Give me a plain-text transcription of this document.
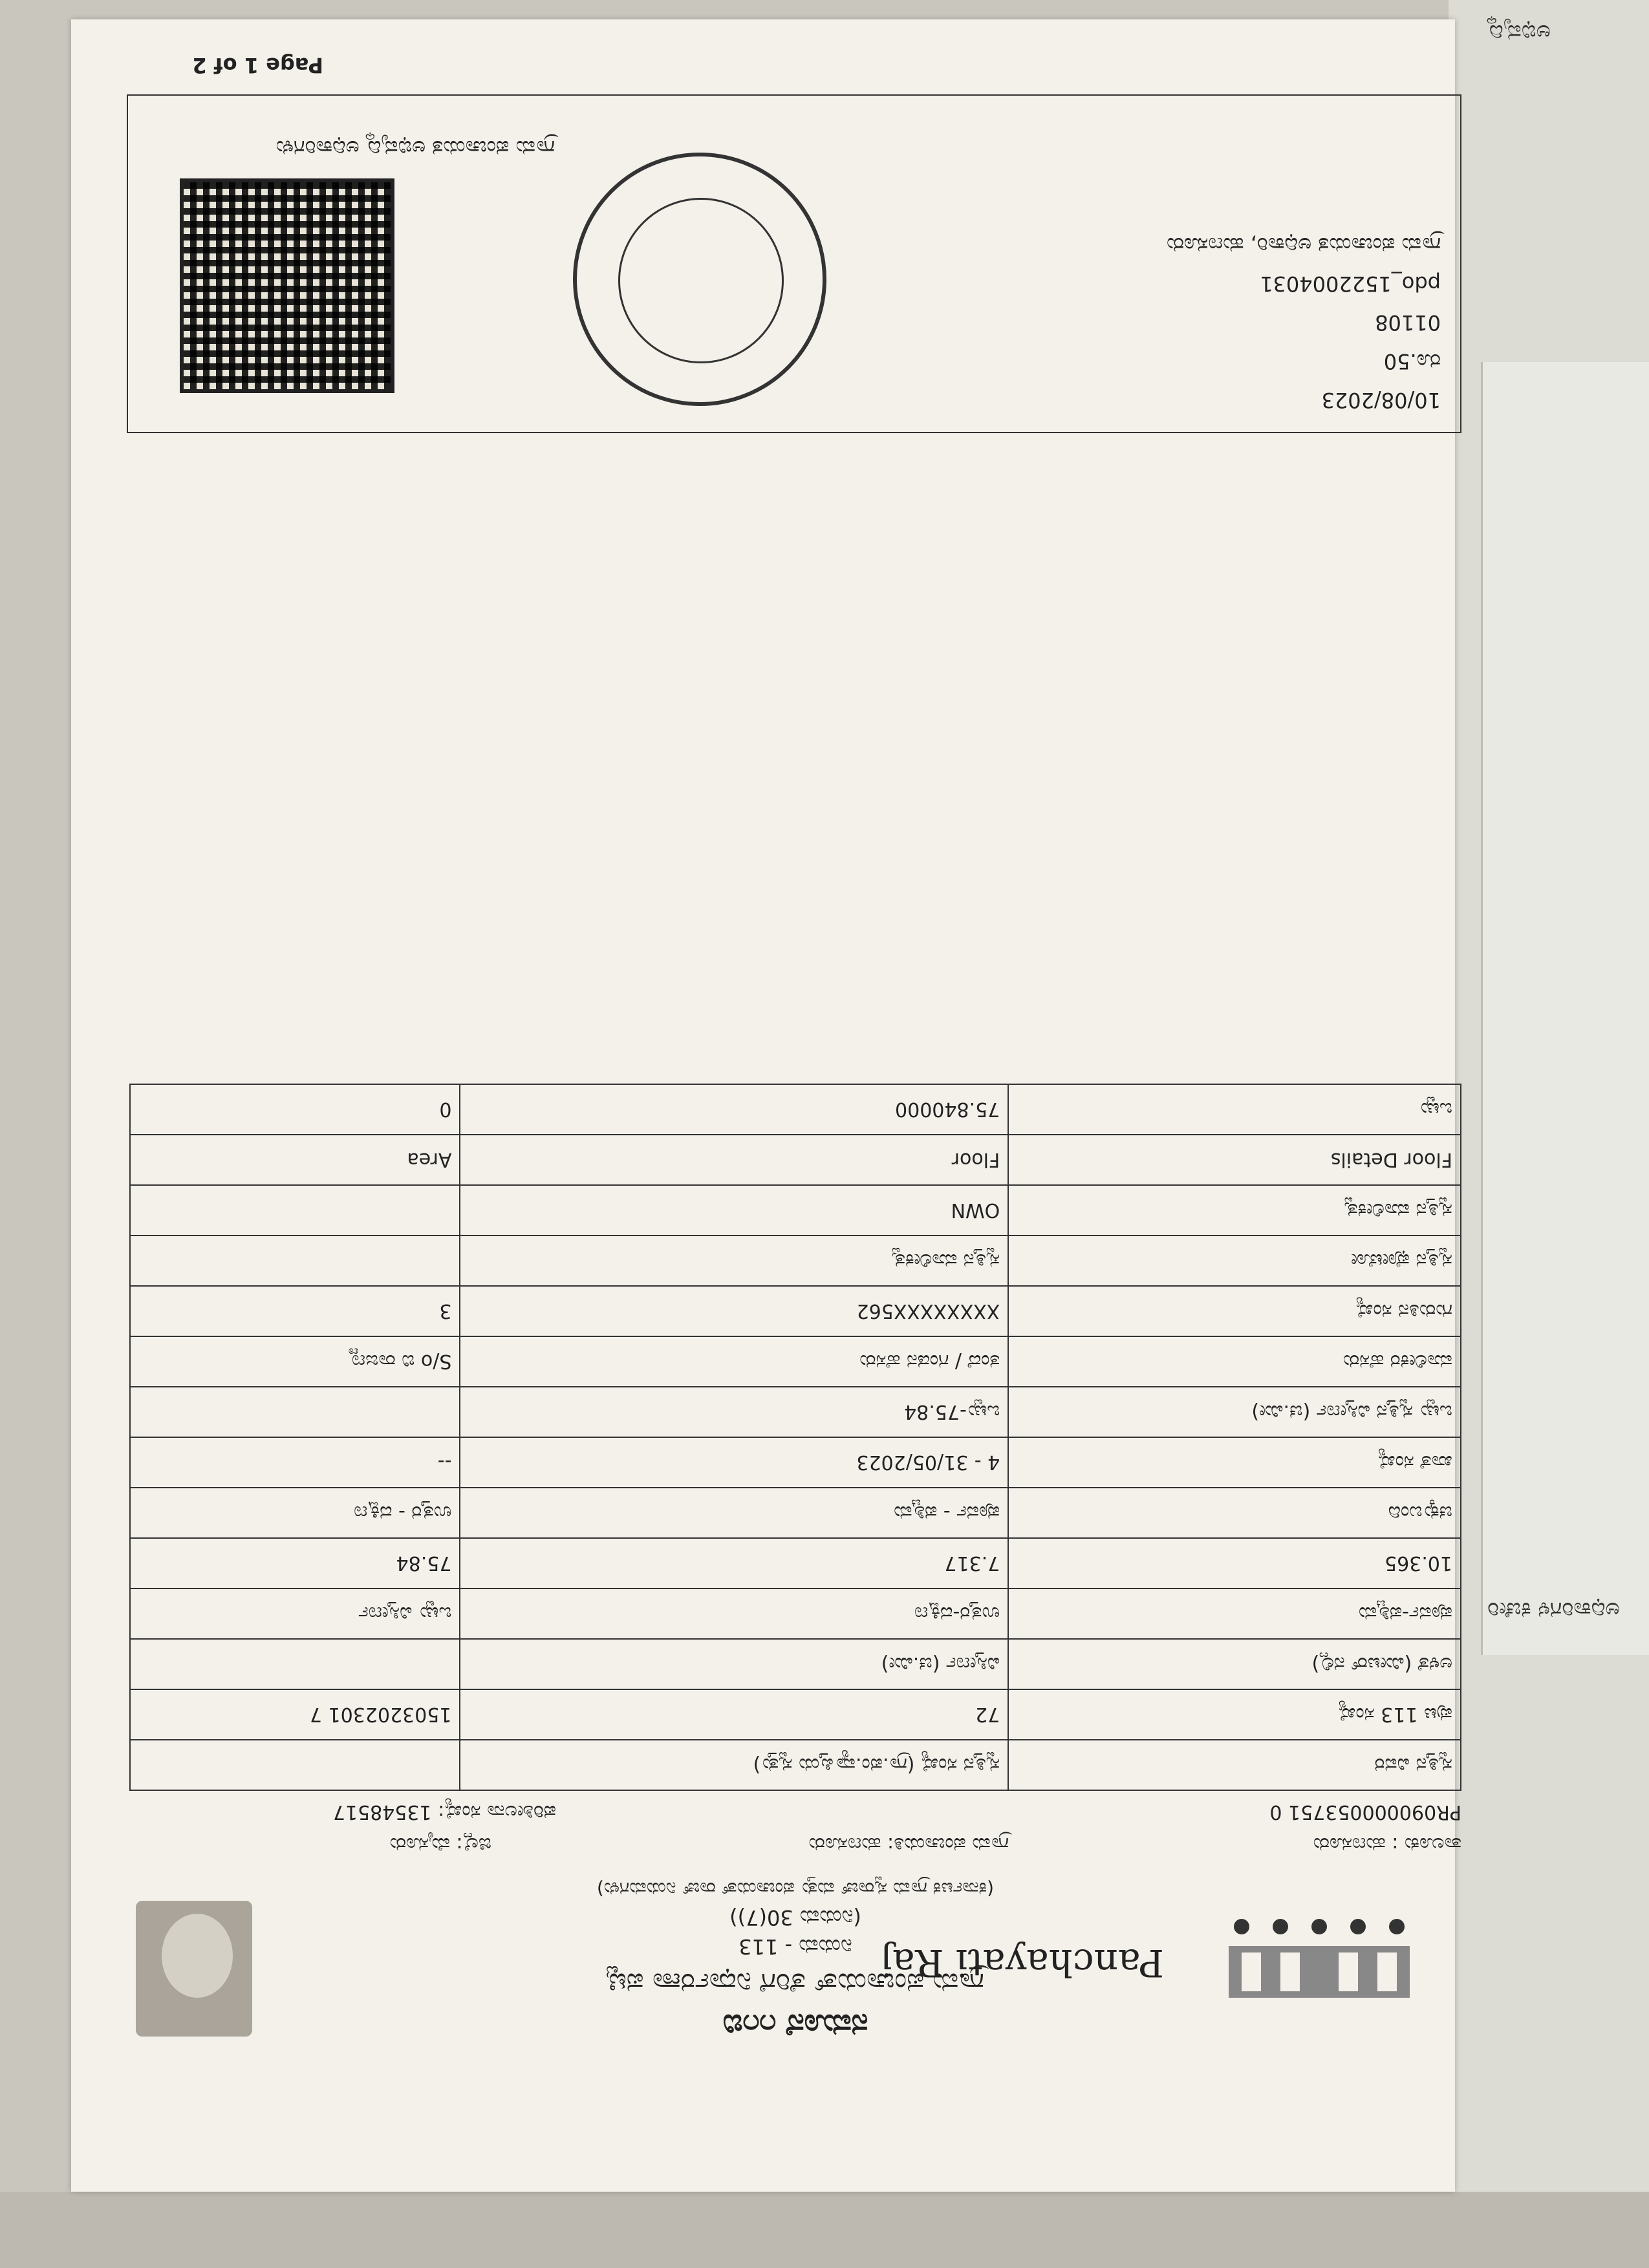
ಅಭಿವೃದ್ಧಿ
ಅಧಿಕಾರಿಗಳ ಕಚೇರಿ
Panchayati Raj
ನಮೂನೆ ೧೧ಬಿ
ಗ್ರಾಮ ಪಂಚಾಯತ್ ತೆರಿಗೆ ನಿರ್ಧಾರಣಾ ಪಟ್ಟಿ
ನಿಯಮ - 113
(ನಿಯಮ 30(7))
(ಕರ್ನಾಟಕ ಗ್ರಾಮ ಸ್ವರಾಜ್ ಮತ್ತು ಪಂಚಾಯತ್ ರಾಜ್ ನಿಯಮಗಳು)
ತಾಲೂಕು : ಹುಣಸೂರು
ಗ್ರಾಮ ಪಂಚಾಯತಿ: ಹುಣಸೂರು
ಜಿಲ್ಲೆ: ಮೈಸೂರು
PR090000053751 0
ಪರಿಶೀಲನಾ ಸಂಖ್ಯೆ: 13548517
ಸ್ವತ್ತಿನ ವಿವರ	ಸ್ವತ್ತಿನ ಸಂಖ್ಯೆ (ಗ್ರಾ.ಪಂ.ವ್ಯಾಪ್ತಿಯ ಸ್ವತ್ತು)	
ಪುಟ 113 ಸಂಖ್ಯೆ	72	1503202301 7
ಅಳತೆ (ಮೀಟರ್ ನಲ್ಲಿ)	ವಿಸ್ತೀರ್ಣ (ಚ.ಮೀ)	
ಪೂರ್ವ-ಪಶ್ಚಿಮ	ಉತ್ತರ-ದಕ್ಷಿಣ	ಒಟ್ಟು ವಿಸ್ತೀರ್ಣ
10.365	7.317	75.84
ಚಕ್ಕುಬಂದಿ	ಪೂರ್ವ - ಪಶ್ಚಿಮ	ಉತ್ತರ - ದಕ್ಷಿಣ
ಖಾತೆ ಸಂಖ್ಯೆ	4 - 31/05/2023	--
ಒಟ್ಟು ಸ್ವತ್ತಿನ ವಿಸ್ತೀರ್ಣ (ಚ.ಮೀ)	ಒಟ್ಟು-75.84	
ಮಾಲೀಕರ ಹೆಸರು	ತಂದೆ / ಗಂಡನ ಹೆಸರು	S/o ಬಿ ರಾಜಣ್ಣ
ಗುರುತಿನ ಸಂಖ್ಯೆ	XXXXXXXX562	3
ಸ್ವತ್ತಿನ ಫೋಟೋ	ಸ್ವತ್ತಿನ ಮಾಲೀಕತ್ವ	
ಸ್ವತ್ತಿನ ಮಾಲೀಕತ್ವ	OWN	
Floor Details	Floor	Area
ಒಟ್ಟು	75.840000	0
10/08/2023
ರೂ.50
01108
pdo_1522004031
ಗ್ರಾಮ ಪಂಚಾಯತ ಅಧಿಕಾರಿ, ಹುಣಸೂರು
ಗ್ರಾಮ ಪಂಚಾಯತ ಅಭಿವೃದ್ಧಿ ಅಧಿಕಾರಿಗಳು
Page 1 of 2
